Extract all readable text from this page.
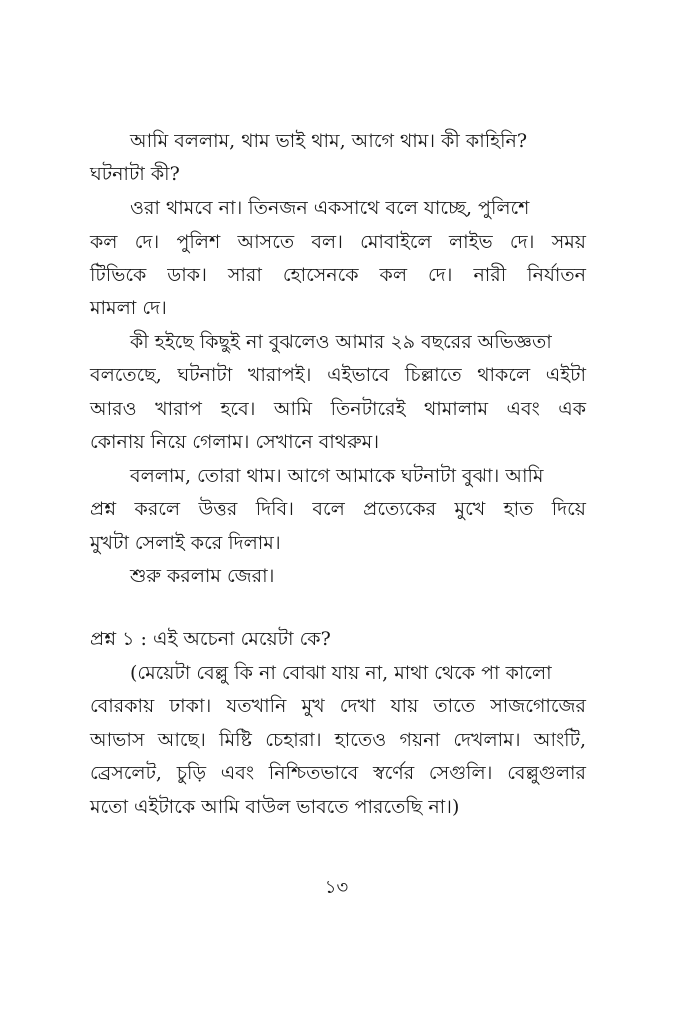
আমি বললাম, থাম ভাই থাম, আগে থাম। কী কাহিনি?

ঘটনাটা কী?

ওরা থামবে না। তিনজন একসাথে বলে যাচ্ছে, পুলিশে

কল দে। পুলিশ আসতে বল। মোবাইলে লাইভ দে। সময়

টিভিকে ডাক। সারা হোসেনকে কল দে। নারী নির্যাতন

মামলা দে।

কী হইছে কিছুই না বুঝলেও আমার ২৯ বছরের অভিজ্ঞতা

বলতেছে, ঘটনাটা খারাপই। এইভাবে চিল্লাতে থাকলে এইটা

আরও খারাপ হবে। আমি তিনটারেই থামালাম এবং এক

কোনায় নিয়ে গেলাম। সেখানে বাথরুম।

বললাম, তোরা থাম। আগে আমাকে ঘটনাটা বুঝা। আমি

প্রশ্ন করলে উত্তর দিবি। বলে প্রত্যেকের মুখে হাত দিয়ে

মুখটা সেলাই করে দিলাম।

শুরু করলাম জেরা।

প্রশ্ন ১ : এই অচেনা মেয়েটা কে?

(মেয়েটা বেল্লু কি না বোঝা যায় না, মাথা থেকে পা কালো

বোরকায় ঢাকা। যতখানি মুখ দেখা যায় তাতে সাজগোজের

আভাস আছে। মিষ্টি চেহারা। হাতেও গয়না দেখলাম। আংটি,

ব্রেসলেট, চুড়ি এবং নিশ্চিতভাবে স্বর্ণের সেগুলি। বেল্লুগুলার

মতো এইটাকে আমি বাউল ভাবতে পারতেছি না।)

১৩
